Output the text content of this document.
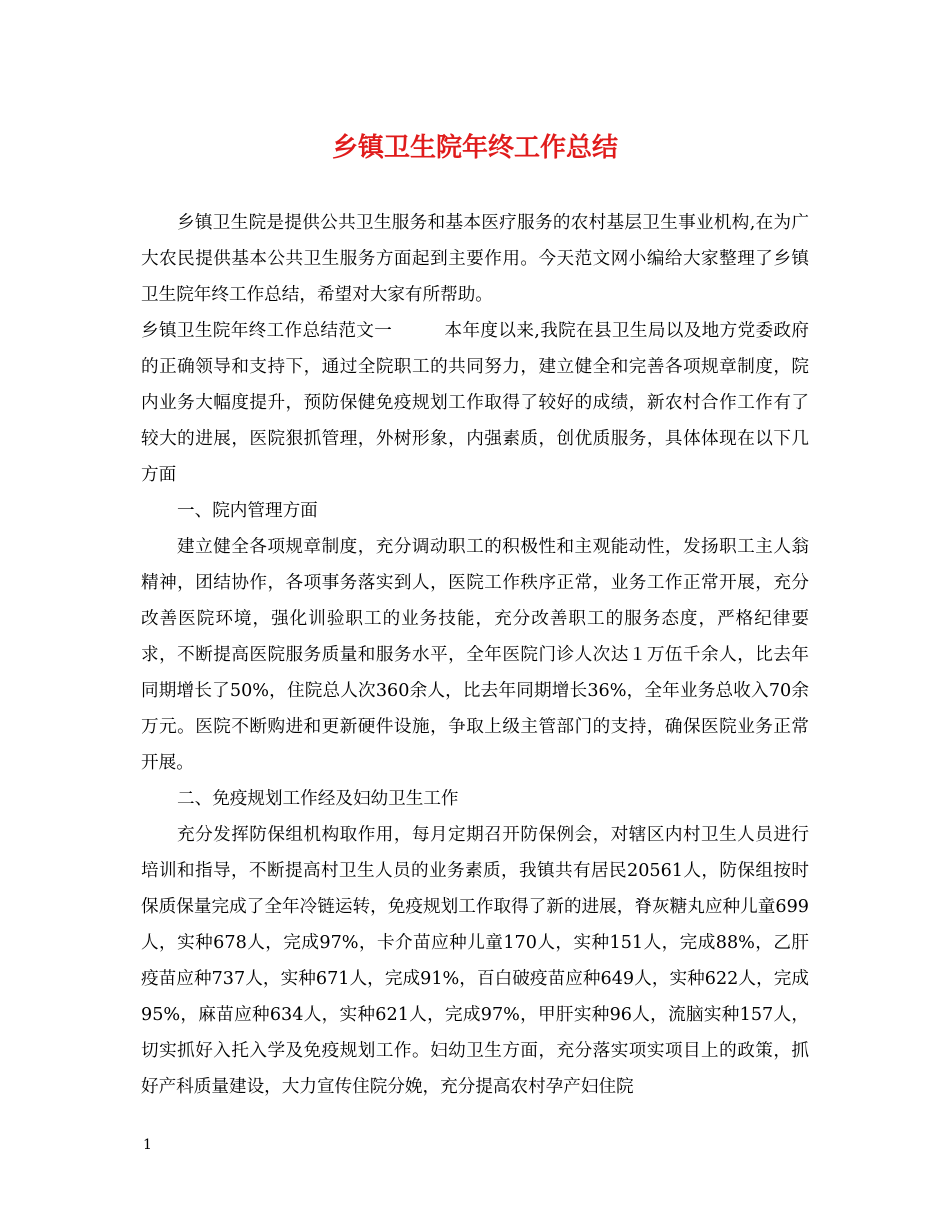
乡镇卫生院年终工作总结

乡镇卫生院是提供公共卫生服务和基本医疗服务的农村基层卫生事业机构,在为广大农民提供基本公共卫生服务方面起到主要作用。今天范文网小编给大家整理了乡镇卫生院年终工作总结，希望对大家有所帮助。

乡镇卫生院年终工作总结范文一	本年度以来,我院在县卫生局以及地方党委政府的正确领导和支持下，通过全院职工的共同努力，建立健全和完善各项规章制度，院内业务大幅度提升，预防保健免疫规划工作取得了较好的成绩，新农村合作工作有了较大的进展，医院狠抓管理，外树形象，内强素质，创优质服务，具体体现在以下几方面

一、院内管理方面

建立健全各项规章制度，充分调动职工的积极性和主观能动性，发扬职工主人翁精神，团结协作，各项事务落实到人，医院工作秩序正常，业务工作正常开展，充分改善医院环境，强化训验职工的业务技能，充分改善职工的服务态度，严格纪律要求，不断提高医院服务质量和服务水平，全年医院门诊人次达１万伍千余人，比去年同期增长了50%，住院总人次360余人，比去年同期增长36%，全年业务总收入70余万元。医院不断购进和更新硬件设施，争取上级主管部门的支持，确保医院业务正常开展。

二、免疫规划工作经及妇幼卫生工作

充分发挥防保组机构取作用，每月定期召开防保例会，对辖区内村卫生人员进行培训和指导，不断提高村卫生人员的业务素质，我镇共有居民20561人，防保组按时保质保量完成了全年冷链运转，免疫规划工作取得了新的进展，脊灰糖丸应种儿童699人，实种678人，完成97%，卡介苗应种儿童170人，实种151人，完成88%，乙肝疫苗应种737人，实种671人，完成91%，百白破疫苗应种649人，实种622人，完成95%，麻苗应种634人，实种621人，完成97%，甲肝实种96人，流脑实种157人，切实抓好入托入学及免疫规划工作。妇幼卫生方面，充分落实项实项目上的政策，抓好产科质量建设，大力宣传住院分娩，充分提高农村孕产妇住院

1
